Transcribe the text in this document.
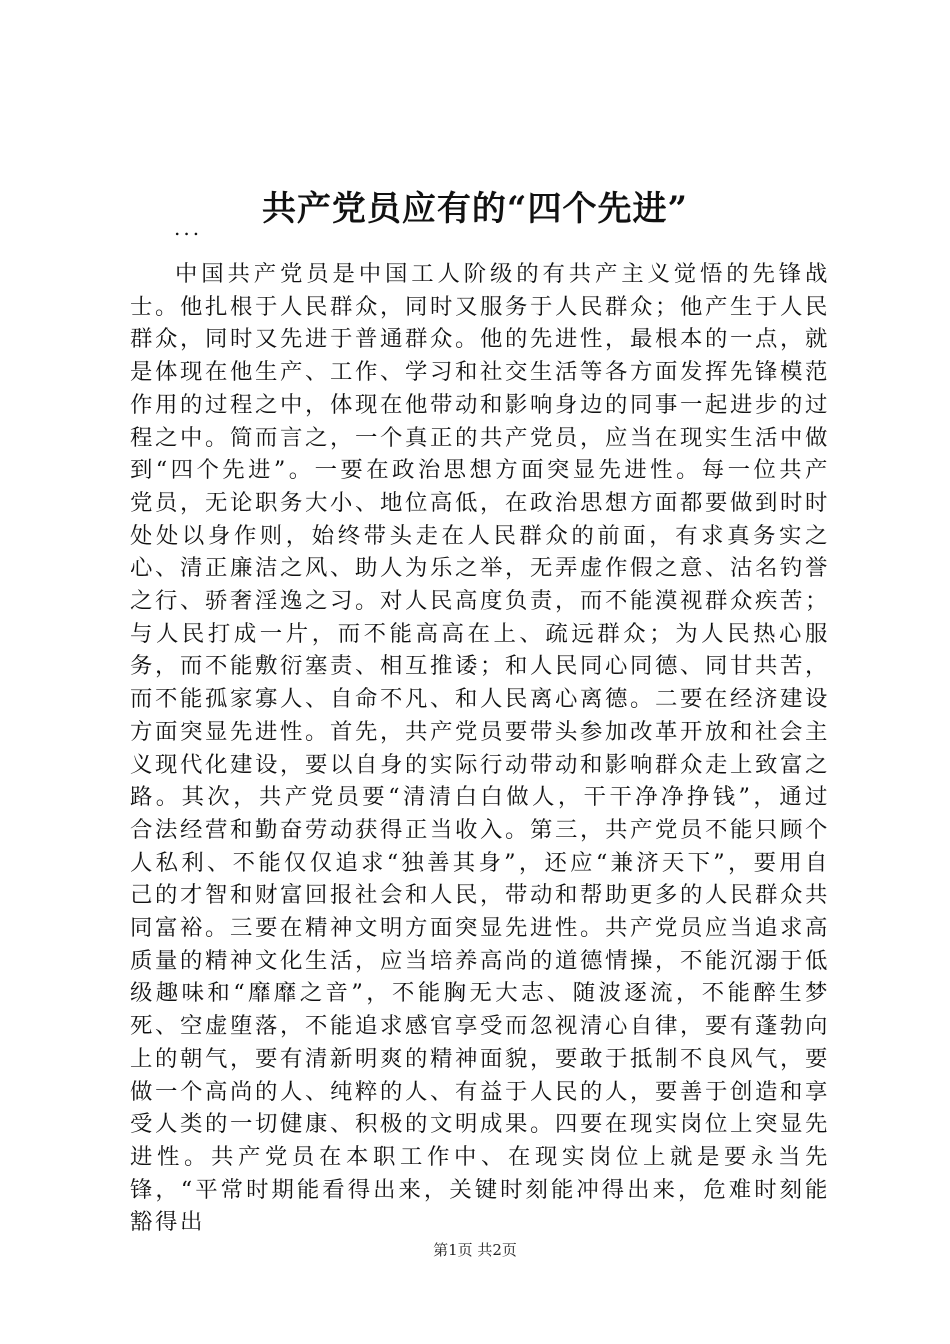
共产党员应有的“四个先进”
...

中国共产党员是中国工人阶级的有共产主义觉悟的先锋战士。他扎根于人民群众，同时又服务于人民群众；他产生于人民群众，同时又先进于普通群众。他的先进性，最根本的一点，就是体现在他生产、工作、学习和社交生活等各方面发挥先锋模范作用的过程之中，体现在他带动和影响身边的同事一起进步的过程之中。简而言之，一个真正的共产党员，应当在现实生活中做到“四个先进”。一要在政治思想方面突显先进性。每一位共产党员，无论职务大小、地位高低，在政治思想方面都要做到时时处处以身作则，始终带头走在人民群众的前面，有求真务实之心、清正廉洁之风、助人为乐之举，无弄虚作假之意、沽名钓誉之行、骄奢淫逸之习。对人民高度负责，而不能漠视群众疾苦；与人民打成一片，而不能高高在上、疏远群众；为人民热心服务，而不能敷衍塞责、相互推诿；和人民同心同德、同甘共苦，而不能孤家寡人、自命不凡、和人民离心离德。二要在经济建设方面突显先进性。首先，共产党员要带头参加改革开放和社会主义现代化建设，要以自身的实际行动带动和影响群众走上致富之路。其次，共产党员要“清清白白做人，干干净净挣钱”，通过合法经营和勤奋劳动获得正当收入。第三，共产党员不能只顾个人私利、不能仅仅追求“独善其身”，还应“兼济天下”，要用自己的才智和财富回报社会和人民，带动和帮助更多的人民群众共同富裕。三要在精神文明方面突显先进性。共产党员应当追求高质量的精神文化生活，应当培养高尚的道德情操，不能沉溺于低级趣味和“靡靡之音”，不能胸无大志、随波逐流，不能醉生梦死、空虚堕落，不能追求感官享受而忽视清心自律，要有蓬勃向上的朝气，要有清新明爽的精神面貌，要敢于抵制不良风气，要做一个高尚的人、纯粹的人、有益于人民的人，要善于创造和享受人类的一切健康、积极的文明成果。四要在现实岗位上突显先进性。共产党员在本职工作中、在现实岗位上就是要永当先锋，“平常时期能看得出来，关键时刻能冲得出来，危难时刻能豁得出

第1页 共2页
